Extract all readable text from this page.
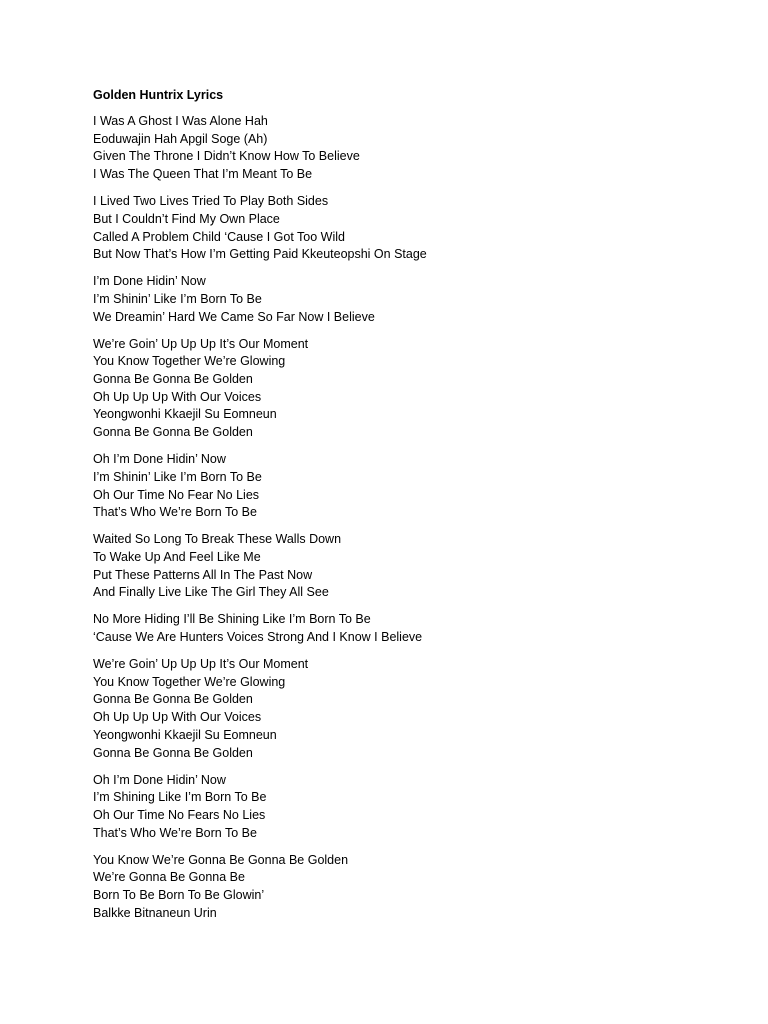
Golden Huntrix Lyrics
I Was A Ghost I Was Alone Hah
Eoduwajin Hah Apgil Soge (Ah)
Given The Throne I Didn’t Know How To Believe
I Was The Queen That I’m Meant To Be
I Lived Two Lives Tried To Play Both Sides
But I Couldn’t Find My Own Place
Called A Problem Child ‘Cause I Got Too Wild
But Now That’s How I’m Getting Paid Kkeuteopshi On Stage
I’m Done Hidin’ Now
I’m Shinin’ Like I’m Born To Be
We Dreamin’ Hard We Came So Far Now I Believe
We’re Goin’ Up Up Up It’s Our Moment
You Know Together We’re Glowing
Gonna Be Gonna Be Golden
Oh Up Up Up With Our Voices
Yeongwonhi Kkaejil Su Eomneun
Gonna Be Gonna Be Golden
Oh I’m Done Hidin’ Now
I’m Shinin’ Like I’m Born To Be
Oh Our Time No Fear No Lies
That’s Who We’re Born To Be
Waited So Long To Break These Walls Down
To Wake Up And Feel Like Me
Put These Patterns All In The Past Now
And Finally Live Like The Girl They All See
No More Hiding I’ll Be Shining Like I’m Born To Be
‘Cause We Are Hunters Voices Strong And I Know I Believe
We’re Goin’ Up Up Up It’s Our Moment
You Know Together We’re Glowing
Gonna Be Gonna Be Golden
Oh Up Up Up With Our Voices
Yeongwonhi Kkaejil Su Eomneun
Gonna Be Gonna Be Golden
Oh I’m Done Hidin’ Now
I’m Shining Like I’m Born To Be
Oh Our Time No Fears No Lies
That’s Who We’re Born To Be
You Know We’re Gonna Be Gonna Be Golden
We’re Gonna Be Gonna Be
Born To Be Born To Be Glowin’
Balkke Bitnaneun Urin
